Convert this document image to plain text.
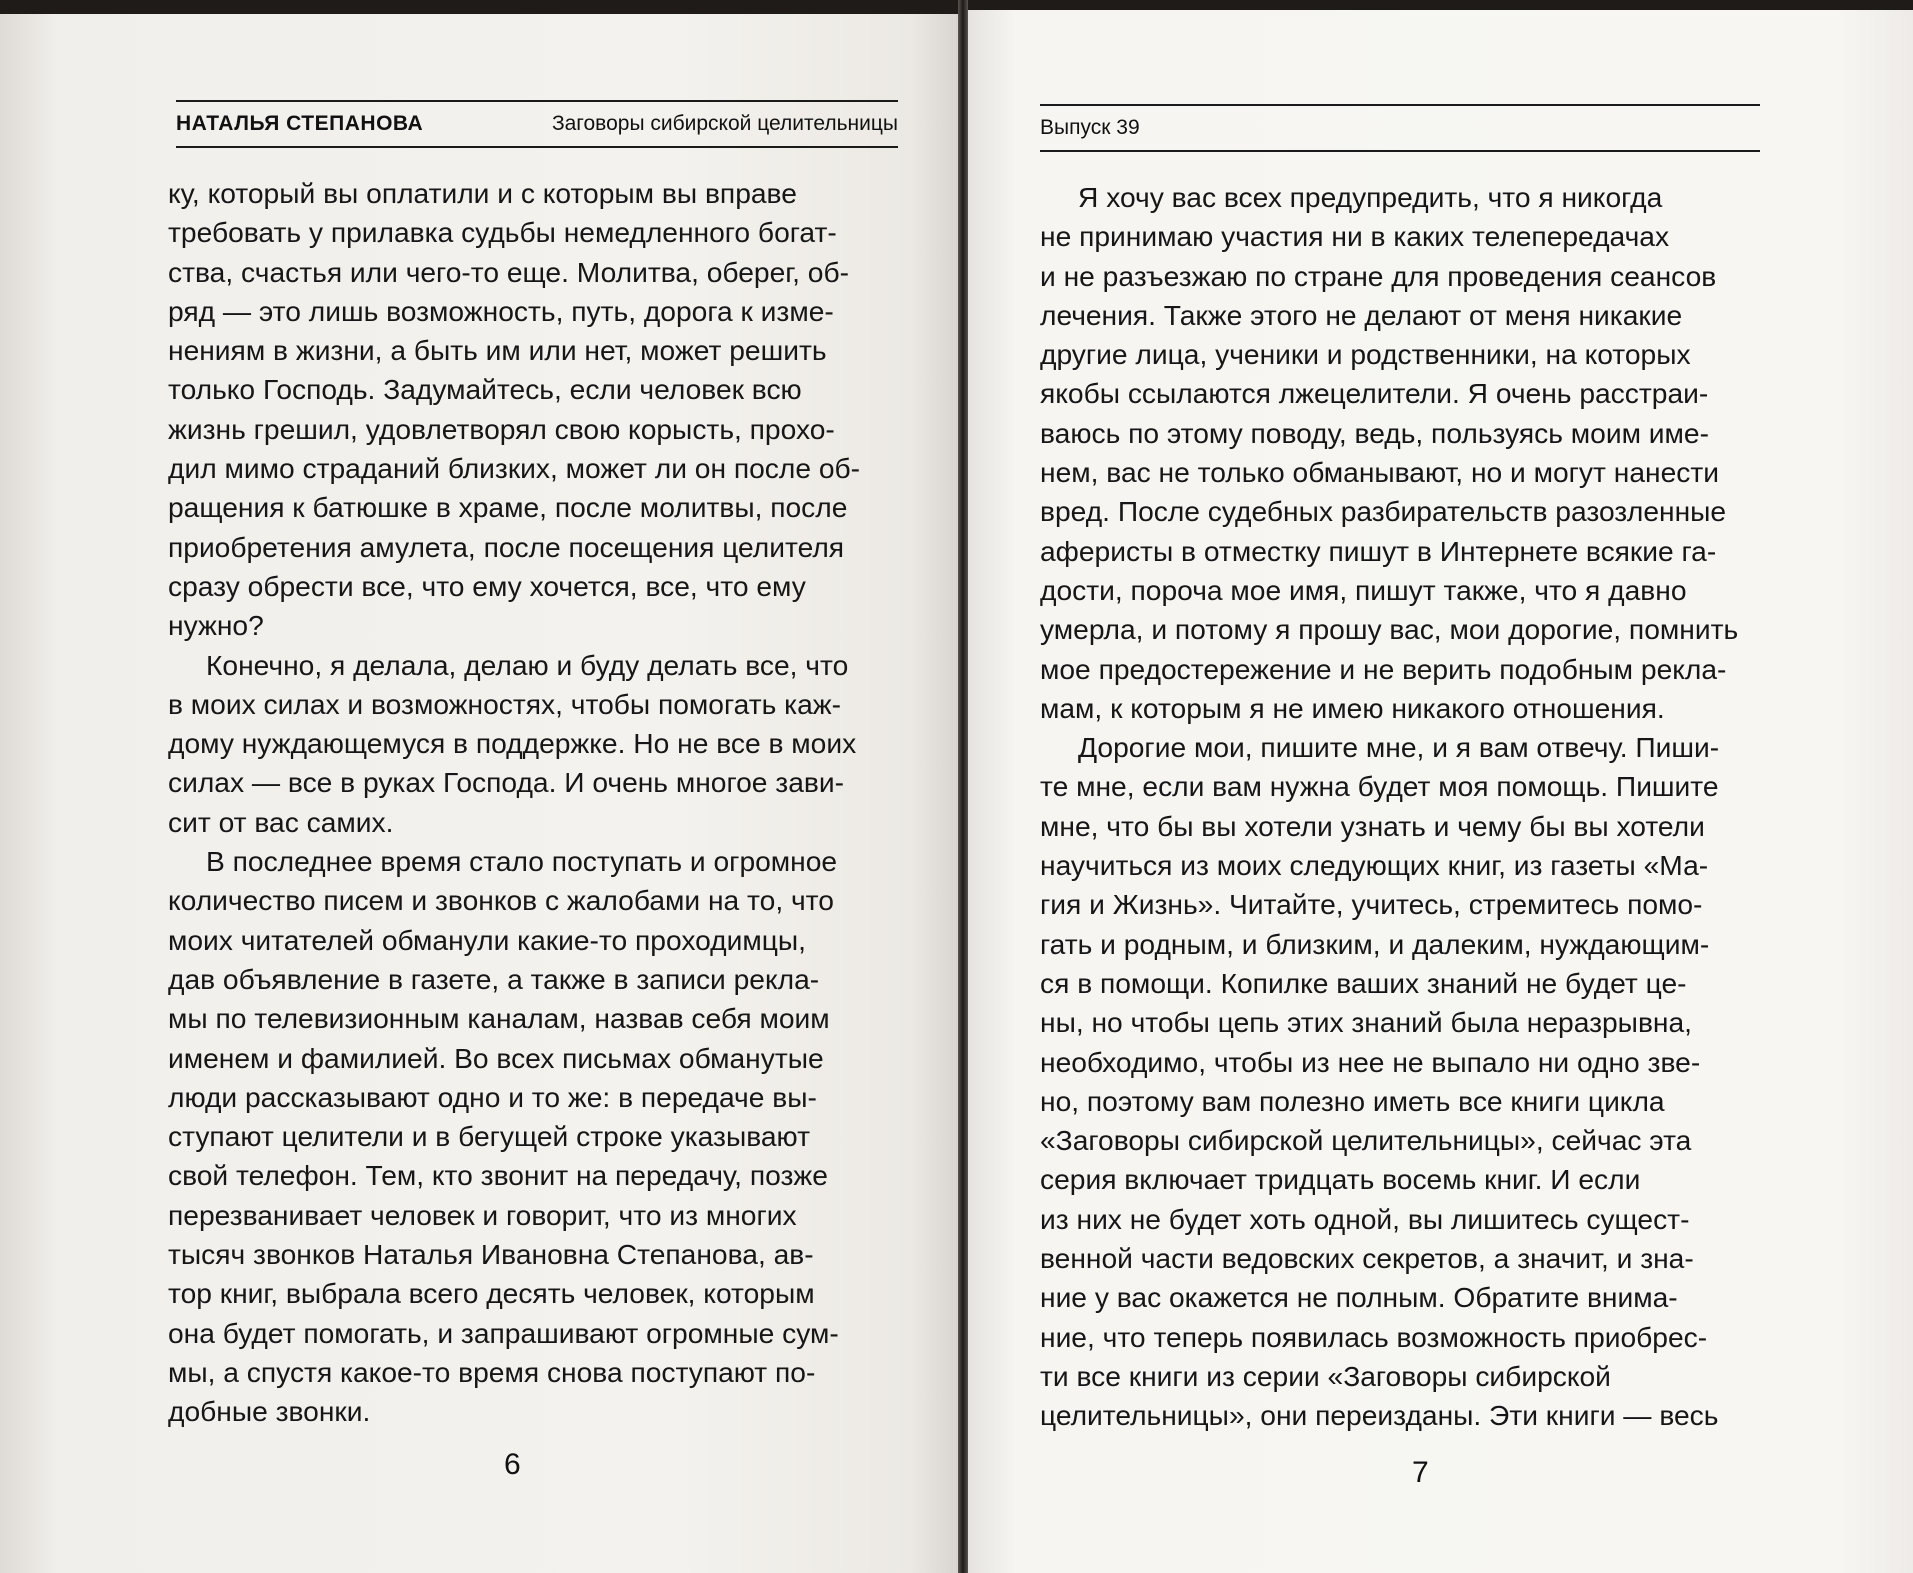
НАТАЛЬЯ СТЕПАНОВА	Заговоры сибирской целительницы

ку, который вы оплатили и с которым вы вправе
требовать у прилавка судьбы немедленного богат-
ства, счастья или чего-то еще. Молитва, оберег, об-
ряд — это лишь возможность, путь, дорога к изме-
нениям в жизни, а быть им или нет, может решить
только Господь. Задумайтесь, если человек всю
жизнь грешил, удовлетворял свою корысть, прохо-
дил мимо страданий близких, может ли он после об-
ращения к батюшке в храме, после молитвы, после
приобретения амулета, после посещения целителя
сразу обрести все, что ему хочется, все, что ему
нужно?

Конечно, я делала, делаю и буду делать все, что
в моих силах и возможностях, чтобы помогать каж-
дому нуждающемуся в поддержке. Но не все в моих
силах — все в руках Господа. И очень многое зави-
сит от вас самих.

В последнее время стало поступать и огромное
количество писем и звонков с жалобами на то, что
моих читателей обманули какие-то проходимцы,
дав объявление в газете, а также в записи рекла-
мы по телевизионным каналам, назвав себя моим
именем и фамилией. Во всех письмах обманутые
люди рассказывают одно и то же: в передаче вы-
ступают целители и в бегущей строке указывают
свой телефон. Тем, кто звонит на передачу, позже
перезванивает человек и говорит, что из многих
тысяч звонков Наталья Ивановна Степанова, ав-
тор книг, выбрала всего десять человек, которым
она будет помогать, и запрашивают огромные сум-
мы, а спустя какое-то время снова поступают по-
добные звонки.

6
Выпуск 39

Я хочу вас всех предупредить, что я никогда
не принимаю участия ни в каких телепередачах
и не разъезжаю по стране для проведения сеансов
лечения. Также этого не делают от меня никакие
другие лица, ученики и родственники, на которых
якобы ссылаются лжецелители. Я очень расстраи-
ваюсь по этому поводу, ведь, пользуясь моим име-
нем, вас не только обманывают, но и могут нанести
вред. После судебных разбирательств разозленные
аферисты в отместку пишут в Интернете всякие га-
дости, пороча мое имя, пишут также, что я давно
умерла, и потому я прошу вас, мои дорогие, помнить
мое предостережение и не верить подобным рекла-
мам, к которым я не имею никакого отношения.

Дорогие мои, пишите мне, и я вам отвечу. Пиши-
те мне, если вам нужна будет моя помощь. Пишите
мне, что бы вы хотели узнать и чему бы вы хотели
научиться из моих следующих книг, из газеты «Ма-
гия и Жизнь». Читайте, учитесь, стремитесь помо-
гать и родным, и близким, и далеким, нуждающим-
ся в помощи. Копилке ваших знаний не будет це-
ны, но чтобы цепь этих знаний была неразрывна,
необходимо, чтобы из нее не выпало ни одно зве-
но, поэтому вам полезно иметь все книги цикла
«Заговоры сибирской целительницы», сейчас эта
серия включает тридцать восемь книг. И если
из них не будет хоть одной, вы лишитесь сущест-
венной части ведовских секретов, а значит, и зна-
ние у вас окажется не полным. Обратите внима-
ние, что теперь появилась возможность приобрес-
ти все книги из серии «Заговоры сибирской
целительницы», они переизданы. Эти книги — весь

7
